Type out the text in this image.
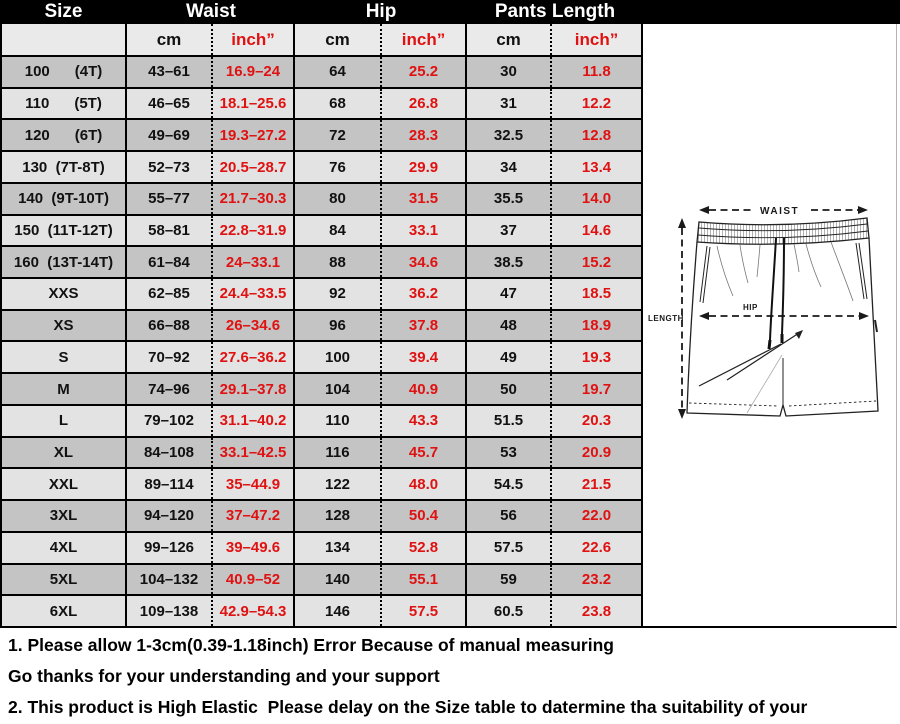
Size	Waist	Hip	Pants Length
cm	inch”	cm	inch”	cm	inch”
100      (4T)	43–61	16.9–24	64	25.2	30	11.8
110      (5T)	46–65	18.1–25.6	68	26.8	31	12.2
120      (6T)	49–69	19.3–27.2	72	28.3	32.5	12.8
130  (7T-8T)	52–73	20.5–28.7	76	29.9	34	13.4
140  (9T-10T)	55–77	21.7–30.3	80	31.5	35.5	14.0
150  (11T-12T)	58–81	22.8–31.9	84	33.1	37	14.6
160  (13T-14T)	61–84	24–33.1	88	34.6	38.5	15.2
XXS	62–85	24.4–33.5	92	36.2	47	18.5
XS	66–88	26–34.6	96	37.8	48	18.9
S	70–92	27.6–36.2	100	39.4	49	19.3
M	74–96	29.1–37.8	104	40.9	50	19.7
L	79–102	31.1–40.2	110	43.3	51.5	20.3
XL	84–108	33.1–42.5	116	45.7	53	20.9
XXL	89–114	35–44.9	122	48.0	54.5	21.5
3XL	94–120	37–47.2	128	50.4	56	22.0
4XL	99–126	39–49.6	134	52.8	57.5	22.6
5XL	104–132	40.9–52	140	55.1	59	23.2
6XL	109–138	42.9–54.3	146	57.5	60.5	23.8
WAIST
LENGTH
HIP

1. Please allow 1-3cm(0.39-1.18inch) Error Because of manual measuring

Go thanks for your understanding and your support

2. This product is High Elastic  Please delay on the Size table to datermine tha suitability of your
